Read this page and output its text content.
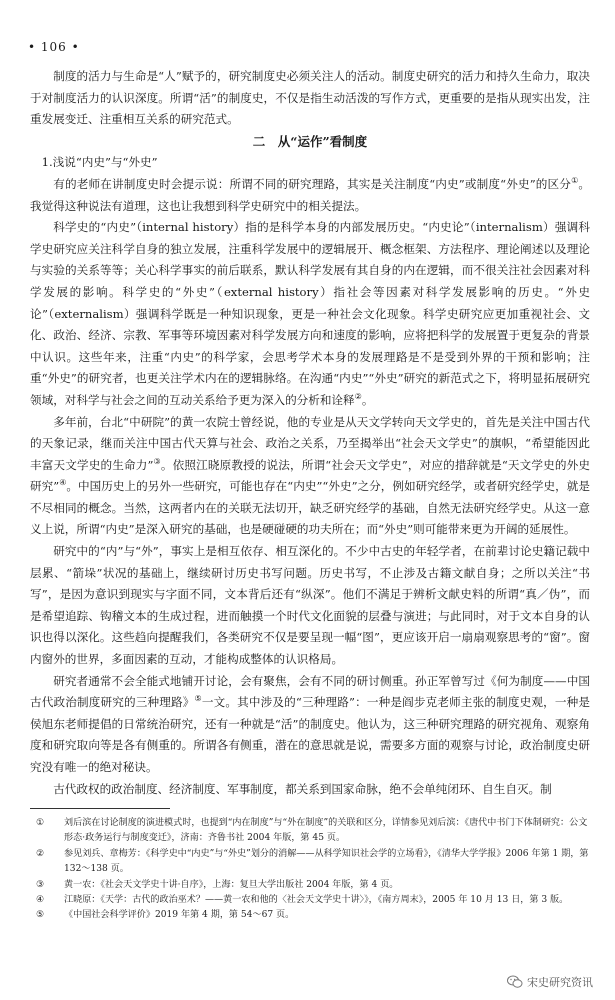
• 106 •

制度的活力与生命是“人”赋予的，研究制度史必须关注人的活动。制度史研究的活力和持久生命力，取决于对制度活力的认识深度。所谓“活”的制度史，不仅是指生动活泼的写作方式，更重要的是指从现实出发，注重发展变迁、注重相互关系的研究范式。

二　从“运作”看制度

1.浅说“内史”与“外史”

有的老师在讲制度史时会提示说：所谓不同的研究理路，其实是关注制度“内史”或制度“外史”的区分①。我觉得这种说法有道理，这也让我想到科学史研究中的相关提法。

科学史的“内史”（internal history）指的是科学本身的内部发展历史。“内史论”（internalism）强调科学史研究应关注科学自身的独立发展，注重科学发展中的逻辑展开、概念框架、方法程序、理论阐述以及理论与实验的关系等等；关心科学事实的前后联系，默认科学发展有其自身的内在逻辑，而不很关注社会因素对科学发展的影响。科学史的“外史”（external history）指社会等因素对科学发展影响的历史。“外史论”（externalism）强调科学既是一种知识现象，更是一种社会文化现象。科学史研究应更加重视社会、文化、政治、经济、宗教、军事等环境因素对科学发展方向和速度的影响，应将把科学的发展置于更复杂的背景中认识。这些年来，注重“内史”的科学家，会思考学术本身的发展理路是不是受到外界的干预和影响；注重“外史”的研究者，也更关注学术内在的逻辑脉络。在沟通“内史”“外史”研究的新范式之下，将明显拓展研究领域，对科学与社会之间的互动关系给予更为深入的分析和诠释②。

多年前，台北“中研院”的黄一农院士曾经说，他的专业是从天文学转向天文学史的，首先是关注中国古代的天象记录，继而关注中国古代天算与社会、政治之关系，乃至揭举出“社会天文学史”的旗帜，“希望能因此丰富天文学史的生命力”③。依照江晓原教授的说法，所谓“社会天文学史”，对应的措辞就是“天文学史的外史研究”④。中国历史上的另外一些研究，可能也存在“内史”“外史”之分，例如研究经学，或者研究经学史，就是不尽相同的概念。当然，这两者内在的关联无法切开，缺乏研究经学的基础，自然无法研究经学史。从这一意义上说，所谓“内史”是深入研究的基础，也是硬碰硬的功夫所在；而“外史”则可能带来更为开阔的延展性。

研究中的“内”与“外”，事实上是相互依存、相互深化的。不少中古史的年轻学者，在前辈讨论史籍记载中层累、“箭垛”状况的基础上，继续研讨历史书写问题。历史书写，不止涉及古籍文献自身；之所以关注“书写”，是因为意识到现实与字面不同，文本背后还有“纵深”。他们不满足于辨析文献史料的所谓“真／伪”，而是希望追踪、钩稽文本的生成过程，进而触摸一个时代文化面貌的层叠与演进；与此同时，对于文本自身的认识也得以深化。这些趋向提醒我们，各类研究不仅是要呈现一幅“图”，更应该开启一扇扇观察思考的“窗”。窗内窗外的世界，多面因素的互动，才能构成整体的认识格局。

研究者通常不会全能式地铺开讨论，会有聚焦，会有不同的研讨侧重。孙正军曾写过《何为制度——中国古代政治制度研究的三种理路》⑤一文。其中涉及的“三种理路”：一种是阎步克老师主张的制度史观，一种是侯旭东老师提倡的日常统治研究，还有一种就是“活”的制度史。他认为，这三种研究理路的研究视角、观察角度和研究取向等是各有侧重的。所谓各有侧重，潜在的意思就是说，需要多方面的观察与讨论，政治制度史研究没有唯一的绝对秘诀。

古代政权的政治制度、经济制度、军事制度，都关系到国家命脉，绝不会单纯闭环、自生自灭。制

①	刘后滨在讨论制度的演进模式时，也提到“内在制度”与“外在制度”的关联和区分，详情参见刘后滨：《唐代中书门下体制研究：公文形态·政务运行与制度变迁》，济南：齐鲁书社 2004 年版，第 45 页。
②	参见刘兵、章梅芳：《科学史中“内史”与“外史”划分的消解——从科学知识社会学的立场看》，《清华大学学报》2006 年第 1 期，第 132～138 页。
③	黄一农：《社会天文学史十讲·自序》，上海：复旦大学出版社 2004 年版，第 4 页。
④	江晓原：《天学：古代的政治巫术？——黄一农和他的〈社会天文学史十讲〉》，《南方周末》，2005 年 10 月 13 日，第 3 版。
⑤	《中国社会科学评价》2019 年第 4 期，第 54～67 页。
宋史研究资讯
